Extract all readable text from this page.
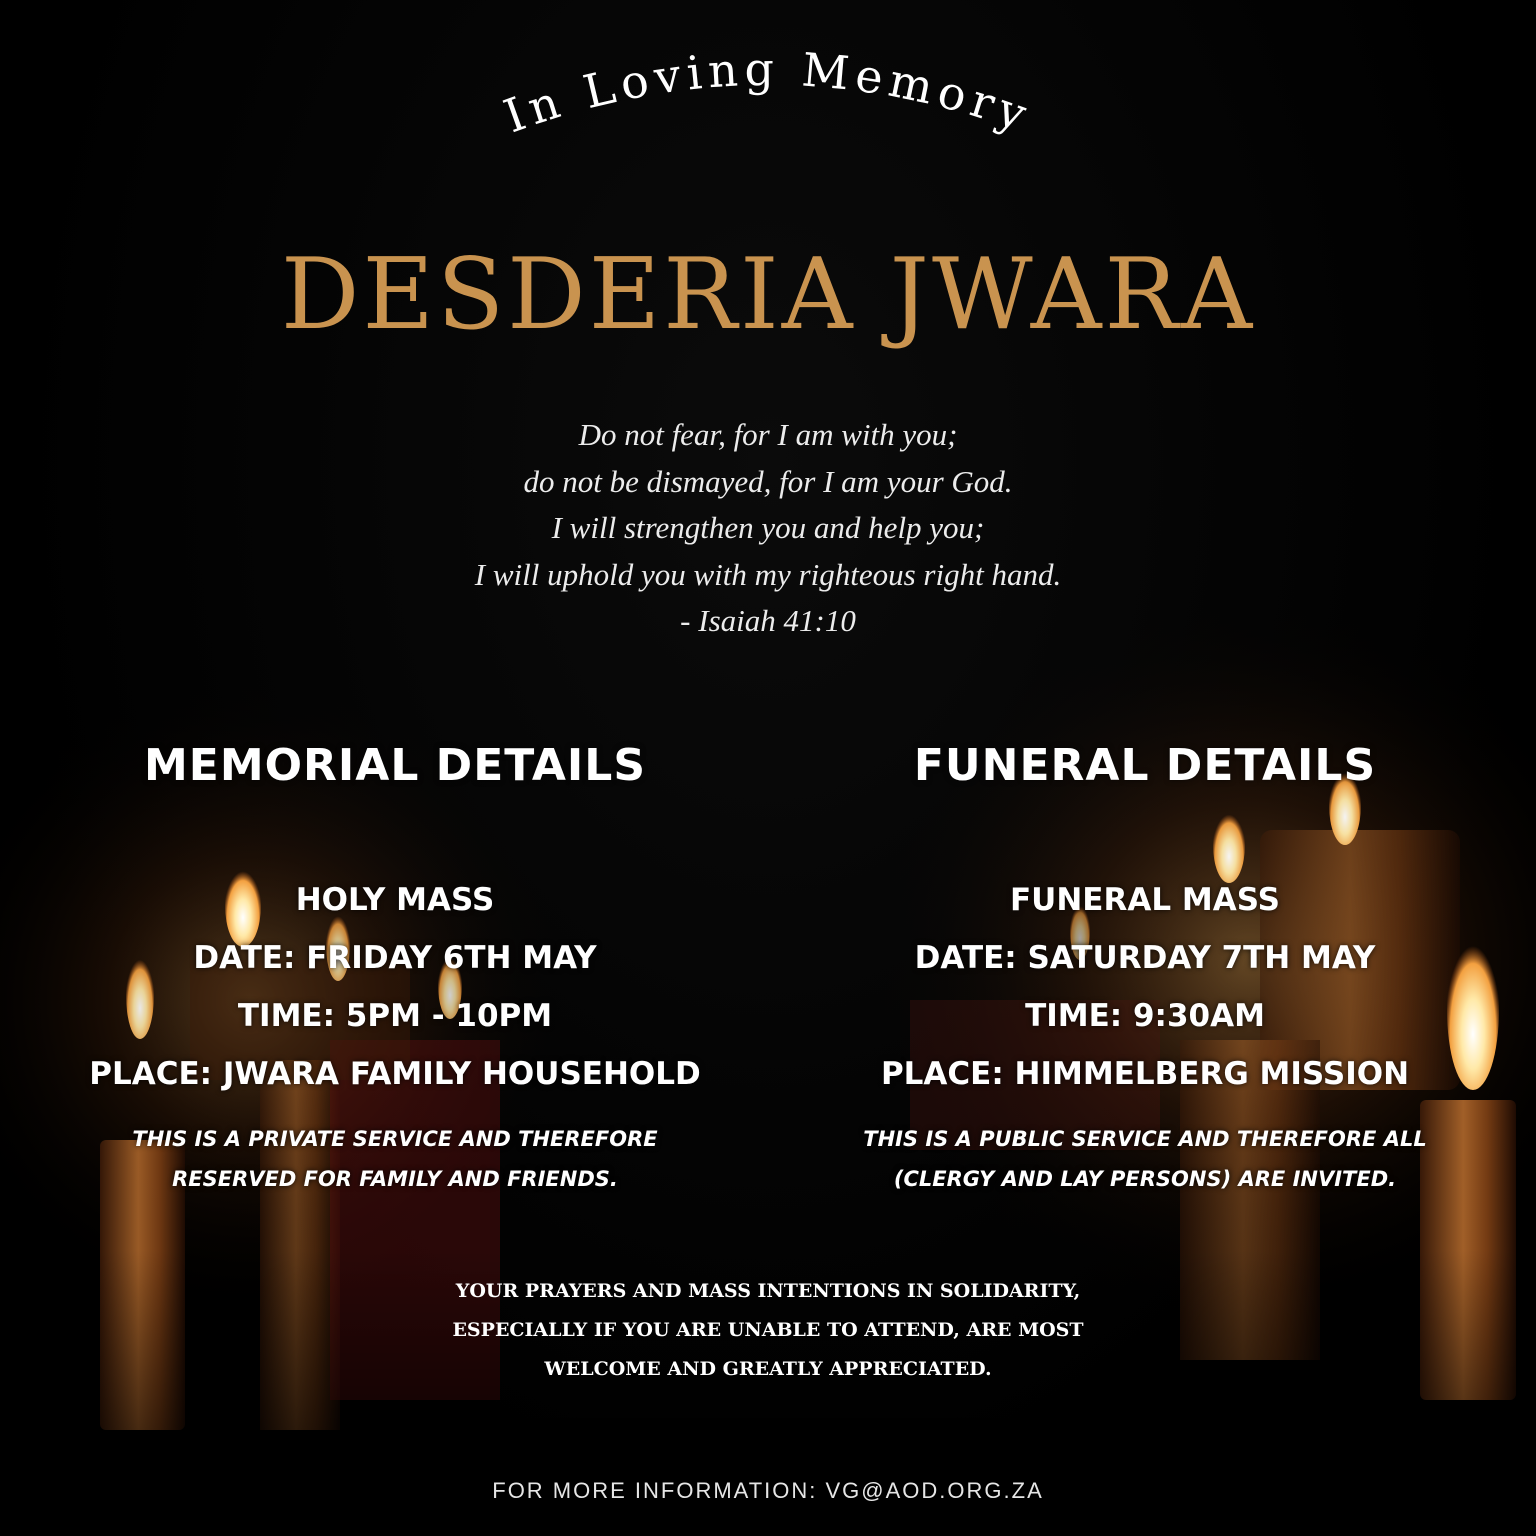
In Loving Memory
DESDERIA JWARA
Do not fear, for I am with you;
do not be dismayed, for I am your God.
I will strengthen you and help you;
I will uphold you with my righteous right hand.
- Isaiah 41:10
MEMORIAL DETAILS
HOLY MASS
DATE: FRIDAY 6TH MAY
TIME: 5PM - 10PM
PLACE: JWARA FAMILY HOUSEHOLD
THIS IS A PRIVATE SERVICE AND THEREFORE
RESERVED FOR FAMILY AND FRIENDS.
FUNERAL DETAILS
FUNERAL MASS
DATE: SATURDAY 7TH MAY
TIME: 9:30AM
PLACE: HIMMELBERG MISSION
THIS IS A PUBLIC SERVICE AND THEREFORE ALL
(CLERGY AND LAY PERSONS) ARE INVITED.
YOUR PRAYERS AND MASS INTENTIONS IN SOLIDARITY,
ESPECIALLY IF YOU ARE UNABLE TO ATTEND, ARE MOST
WELCOME AND GREATLY APPRECIATED.
FOR MORE INFORMATION: VG@AOD.ORG.ZA
